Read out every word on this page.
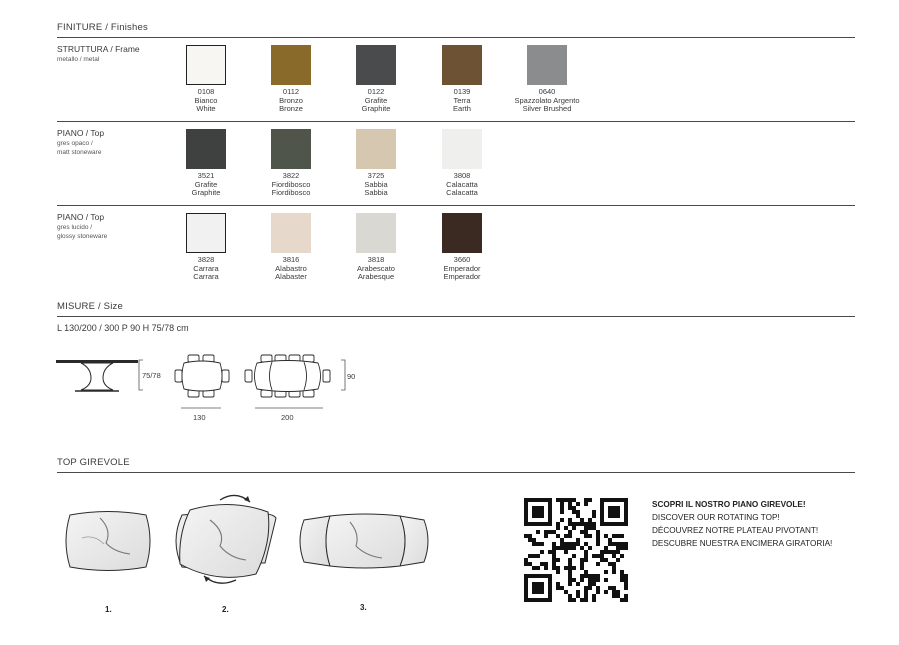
FINITURE / Finishes
STRUTTURA / Frame
metallo / metal
0108
Bianco
White
0112
Bronzo
Bronze
0122
Grafite
Graphite
0139
Terra
Earth
0640
Spazzolato Argento
Silver Brushed
PIANO / Top
gres opaco /
matt stoneware
3521
Grafite
Graphite
3822
Fiordibosco
Fiordibosco
3725
Sabbia
Sabbia
3808
Calacatta
Calacatta
PIANO / Top
gres lucido /
glossy stoneware
3828
Carrara
Carrara
3816
Alabastro
Alabaster
3818
Arabescato
Arabesque
3660
Emperador
Emperador
MISURE / Size
L 130/200 / 300 P 90 H 75/78 cm
75/78
130
90
200
TOP GIREVOLE
1.	2.	3.
SCOPRI IL NOSTRO PIANO GIREVOLE!
DISCOVER OUR ROTATING TOP!
DÉCOUVREZ NOTRE PLATEAU PIVOTANT!
DESCUBRE NUESTRA ENCIMERA GIRATORIA!
